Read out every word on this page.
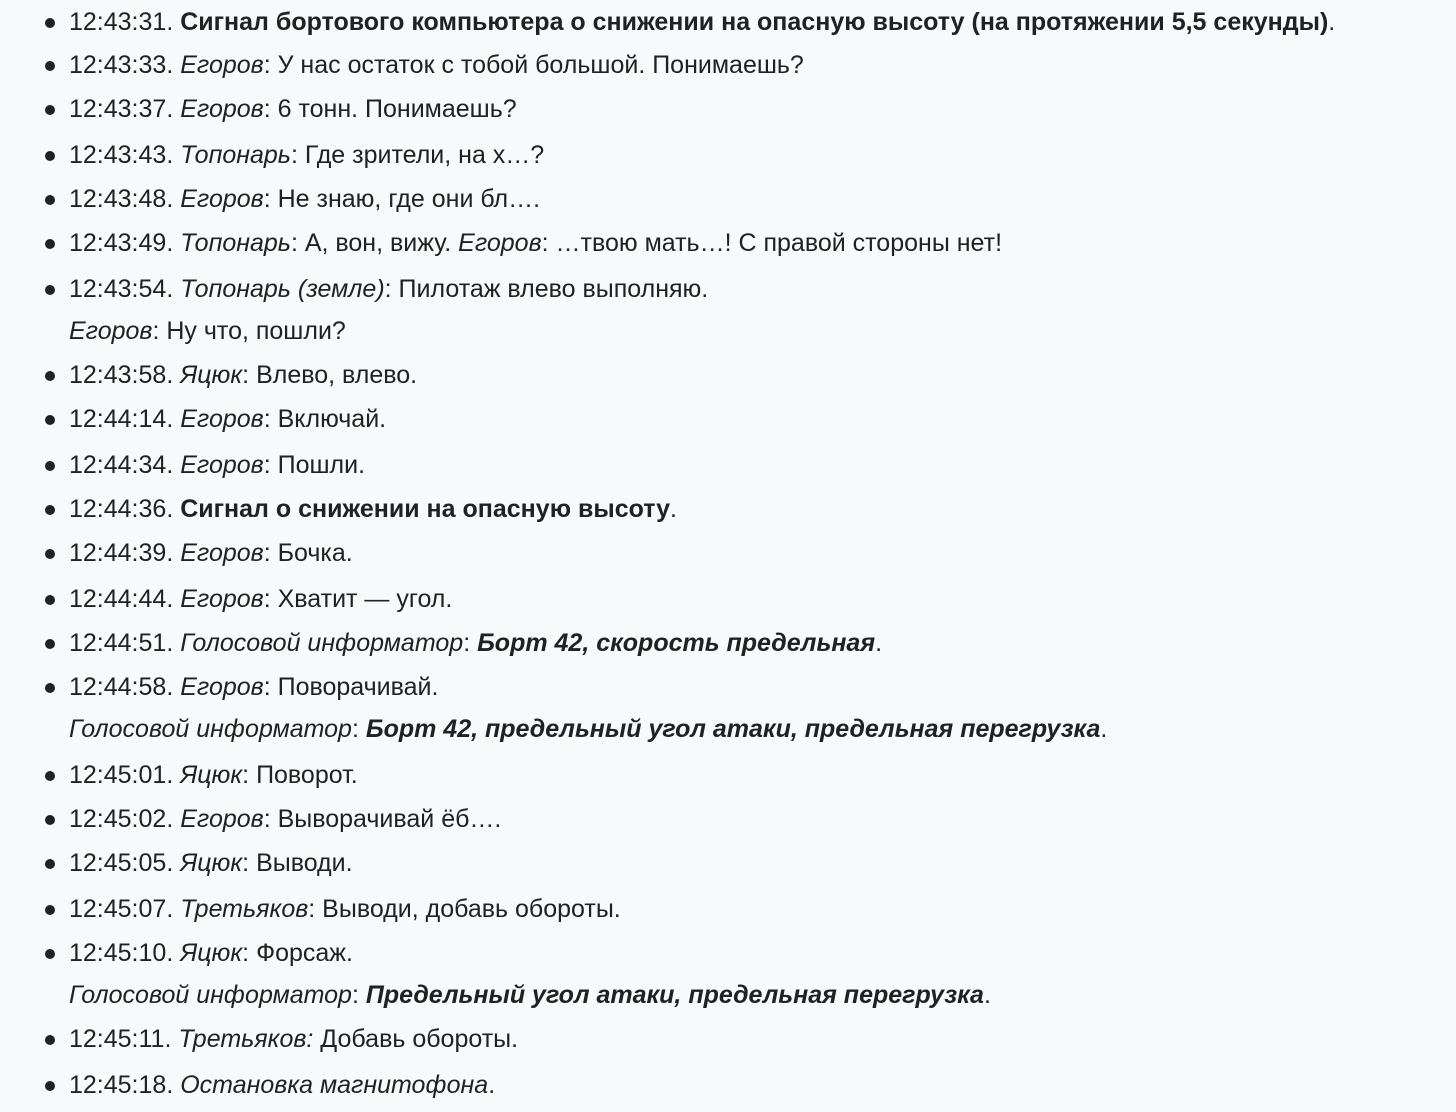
12:43:31. Сигнал бортового компьютера о снижении на опасную высоту (на протяжении 5,5 секунды).
12:43:33. Егоров: У нас остаток с тобой большой. Понимаешь?
12:43:37. Егоров: 6 тонн. Понимаешь?
12:43:43. Топонарь: Где зрители, на х…?
12:43:48. Егоров: Не знаю, где они бл….
12:43:49. Топонарь: А, вон, вижу. Егоров: …твою мать…! С правой стороны нет!
12:43:54. Топонарь (земле): Пилотаж влево выполняю.
Егоров: Ну что, пошли?
12:43:58. Яцюк: Влево, влево.
12:44:14. Егоров: Включай.
12:44:34. Егоров: Пошли.
12:44:36. Сигнал о снижении на опасную высоту.
12:44:39. Егоров: Бочка.
12:44:44. Егоров: Хватит — угол.
12:44:51. Голосовой информатор: Борт 42, скорость предельная.
12:44:58. Егоров: Поворачивай.
Голосовой информатор: Борт 42, предельный угол атаки, предельная перегрузка.
12:45:01. Яцюк: Поворот.
12:45:02. Егоров: Выворачивай ёб….
12:45:05. Яцюк: Выводи.
12:45:07. Третьяков: Выводи, добавь обороты.
12:45:10. Яцюк: Форсаж.
Голосовой информатор: Предельный угол атаки, предельная перегрузка.
12:45:11. Третьяков: Добавь обороты.
12:45:18. Остановка магнитофона.
